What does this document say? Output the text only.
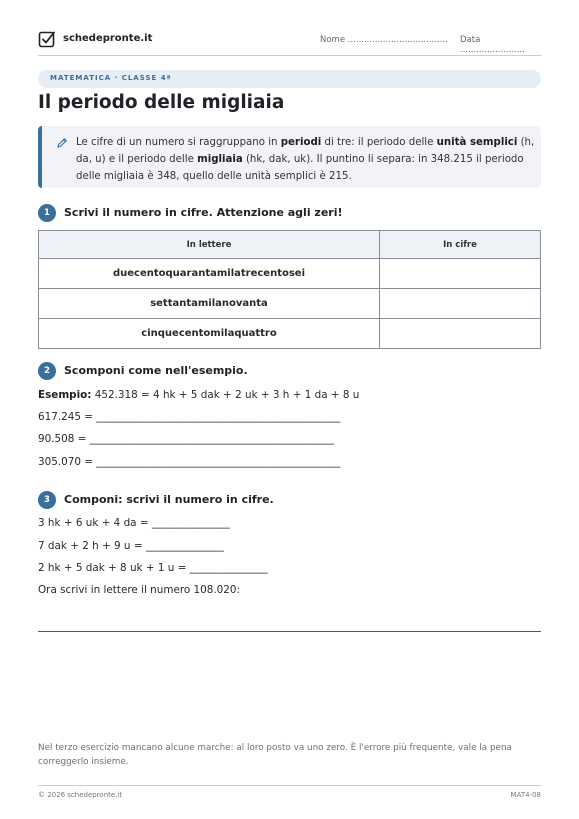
schedepronte.it	Nome ..................................... Data ........................
MATEMATICA · CLASSE 4ª
Il periodo delle migliaia

Le cifre di un numero si raggruppano in periodi di tre: il periodo delle unità semplici (h, da, u) e il periodo delle migliaia (hk, dak, uk). Il puntino li separa: in 348.215 il periodo delle migliaia è 348, quello delle unità semplici è 215.

1	Scrivi il numero in cifre. Attenzione agli zeri!
In lettere	In cifre
duecentoquarantamilatrecentosei	
settantamilanovanta	
cinquecentomilaquattro	
2	Scomponi come nell'esempio.
Esempio: 452.318 = 4 hk + 5 dak + 2 uk + 3 h + 1 da + 8 u
617.245 = _______________________________________________
90.508 = _______________________________________________
305.070 = _______________________________________________
3	Componi: scrivi il numero in cifre.
3 hk + 6 uk + 4 da = _______________
7 dak + 2 h + 9 u = _______________
2 hk + 5 dak + 8 uk + 1 u = _______________
Ora scrivi in lettere il numero 108.020:

Nel terzo esercizio mancano alcune marche: al loro posto va uno zero. È l'errore più frequente, vale la pena correggerlo insieme.

© 2026 schedepronte.it	MAT4-08
